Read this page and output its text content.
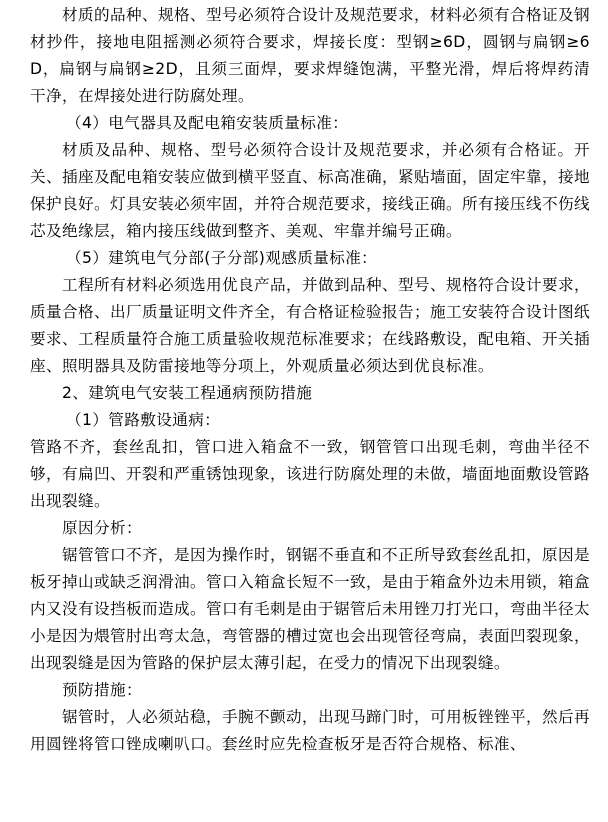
材质的品种、规格、型号必须符合设计及规范要求，材料必须有合格证及钢材抄件，接地电阻摇测必须符合要求，焊接长度：型钢≥6D，圆钢与扁钢≥6D，扁钢与扁钢≥2D，且须三面焊，要求焊缝饱满，平整光滑，焊后将焊药清干净，在焊接处进行防腐处理。

（4）电气器具及配电箱安装质量标准：

材质及品种、规格、型号必须符合设计及规范要求，并必须有合格证。开关、插座及配电箱安装应做到横平竖直、标高准确，紧贴墙面，固定牢靠，接地保护良好。灯具安装必须牢固，并符合规范要求，接线正确。所有接压线不伤线芯及绝缘层，箱内接压线做到整齐、美观、牢靠并编号正确。

（5）建筑电气分部(子分部)观感质量标准：

工程所有材料必须选用优良产品，并做到品种、型号、规格符合设计要求，质量合格、出厂质量证明文件齐全，有合格证检验报告；施工安装符合设计图纸要求、工程质量符合施工质量验收规范标准要求；在线路敷设，配电箱、开关插座、照明器具及防雷接地等分项上，外观质量必须达到优良标准。

2、建筑电气安装工程通病预防措施

（1）管路敷设通病：

管路不齐，套丝乱扣，管口进入箱盒不一致，钢管管口出现毛刺，弯曲半径不够，有扁凹、开裂和严重锈蚀现象，该进行防腐处理的未做，墙面地面敷设管路出现裂缝。

原因分析：

锯管管口不齐，是因为操作时，钢锯不垂直和不正所导致套丝乱扣，原因是板牙掉山或缺乏润滑油。管口入箱盒长短不一致，是由于箱盒外边未用锁，箱盒内又没有设挡板而造成。管口有毛刺是由于锯管后未用锉刀打光口，弯曲半径太小是因为煨管肘出弯太急，弯管器的槽过宽也会出现管径弯扁，表面凹裂现象，出现裂缝是因为管路的保护层太薄引起，在受力的情况下出现裂缝。

预防措施：

锯管时，人必须站稳，手腕不颤动，出现马蹄门时，可用板锉锉平，然后再用圆锉将管口锉成喇叭口。套丝时应先检查板牙是否符合规格、标准、
